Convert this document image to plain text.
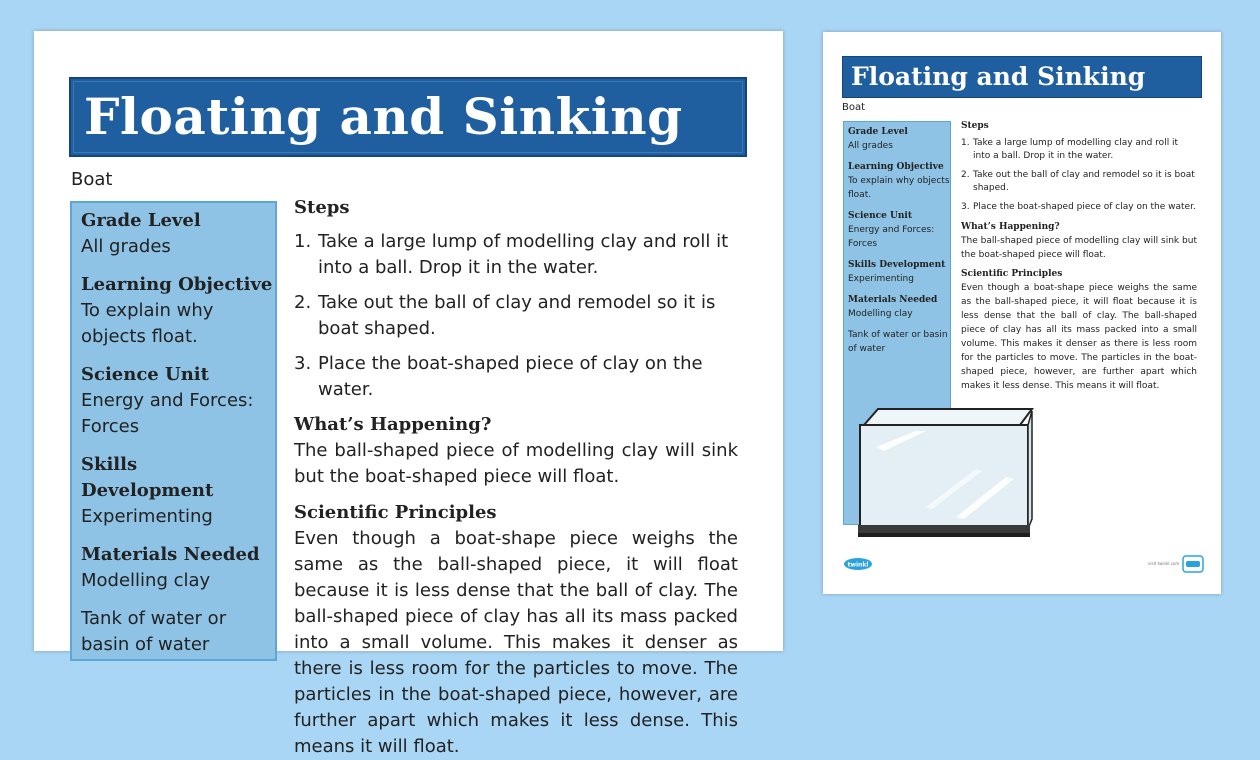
Floating and Sinking
Boat
Grade Level
All grades
Learning Objective
To explain why objects float.
Science Unit
Energy and Forces: Forces
Skills Development
Experimenting
Materials Needed
Modelling clay
Tank of water or basin of water
Steps
1. Take a large lump of modelling clay and roll it into a ball. Drop it in the water.
2. Take out the ball of clay and remodel so it is boat shaped.
3. Place the boat-shaped piece of clay on the water.
What’s Happening?

The ball-shaped piece of modelling clay will sink but the boat-shaped piece will float.

Scientific Principles

Even though a boat-shape piece weighs the same as the ball-shaped piece, it will float because it is less dense that the ball of clay. The ball-shaped piece of clay has all its mass packed into a small volume. This makes it denser as there is less room for the particles to move. The particles in the boat-shaped piece, however, are further apart which makes it less dense. This means it will float.

Floating and Sinking
Boat
Grade Level
All grades
Learning Objective
To explain why objects float.
Science Unit
Energy and Forces: Forces
Skills Development
Experimenting
Materials Needed
Modelling clay
Tank of water or basin of water
Steps
1. Take a large lump of modelling clay and roll it into a ball. Drop it in the water.
2. Take out the ball of clay and remodel so it is boat shaped.
3. Place the boat-shaped piece of clay on the water.
What’s Happening?

The ball-shaped piece of modelling clay will sink but the boat-shaped piece will float.

Scientific Principles

Even though a boat-shape piece weighs the same as the ball-shaped piece, it will float because it is less dense that the ball of clay. The ball-shaped piece of clay has all its mass packed into a small volume. This makes it denser as there is less room for the particles to move. The particles in the boat-shaped piece, however, are further apart which makes it less dense. This means it will float.

twinkl	visit twinkl.com
